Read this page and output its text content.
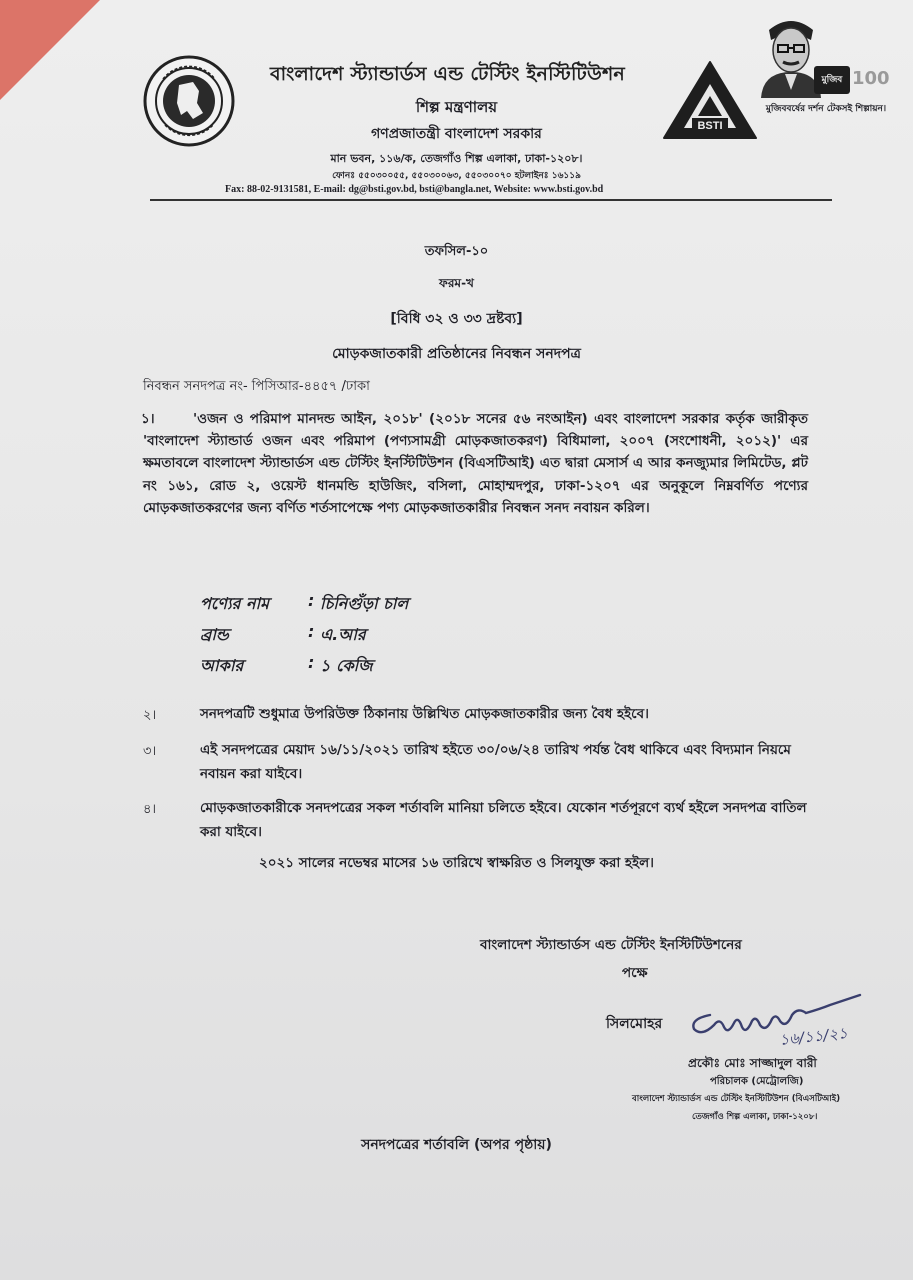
বাংলাদেশ স্ট্যান্ডার্ডস এন্ড টেস্টিং ইনস্টিটিউশন
শিল্প মন্ত্রণালয়
গণপ্রজাতন্ত্রী বাংলাদেশ সরকার
মান ভবন, ১১৬/ক, তেজগাঁও শিল্প এলাকা, ঢাকা-১২০৮।
ফোনঃ ৫৫০৩০০৫৫, ৫৫০৩০০৬৩, ৫৫০৩০০৭০ হটলাইনঃ ১৬১১৯
Fax: 88-02-9131581, E-mail: dg@bsti.gov.bd, bsti@bangla.net, Website: www.bsti.gov.bd
BSTI
মুজিব 100
মুজিববর্ষের দর্শন টেকসই শিল্পায়ন।
তফসিল-১০
ফরম-খ
[বিধি ৩২ ও ৩৩ দ্রষ্টব্য]
মোড়কজাতকারী প্রতিষ্ঠানের নিবন্ধন সনদপত্র
নিবন্ধন সনদপত্র নং- পিসিআর-৪৪৫৭ /ঢাকা
১।	'ওজন ও পরিমাপ মানদন্ড আইন, ২০১৮' (২০১৮ সনের ৫৬ নংআইন) এবং বাংলাদেশ সরকার কর্তৃক জারীকৃত 'বাংলাদেশ স্ট্যান্ডার্ড ওজন এবং পরিমাপ (পণ্যসামগ্রী মোড়কজাতকরণ) বিধিমালা, ২০০৭ (সংশোধনী, ২০১২)' এর ক্ষমতাবলে বাংলাদেশ স্ট্যান্ডার্ডস এন্ড টেস্টিং ইনস্টিটিউশন (বিএসটিআই) এত দ্বারা মেসার্স এ আর কনজ্যুমার লিমিটেড, প্লট নং ১৬১, রোড ২, ওয়েস্ট ধানমন্ডি হাউজিং, বসিলা, মোহাম্মদপুর, ঢাকা-১২০৭ এর অনুকূলে নিম্নবর্ণিত পণ্যের মোড়কজাতকরণের জন্য বর্ণিত শর্তসাপেক্ষে পণ্য মোড়কজাতকারীর নিবন্ধন সনদ নবায়ন করিল।
পণ্যের নাম : চিনিগুঁড়া চাল
ব্রান্ড	: এ.আর
আকার	: ১ কেজি
২।	সনদপত্রটি শুধুমাত্র উপরিউক্ত ঠিকানায় উল্লিখিত মোড়কজাতকারীর জন্য বৈধ হইবে।
৩।	এই সনদপত্রের মেয়াদ ১৬/১১/২০২১ তারিখ হইতে ৩০/০৬/২৪ তারিখ পর্যন্ত বৈধ থাকিবে এবং বিদ্যমান নিয়মে নবায়ন করা যাইবে।
৪।	মোড়কজাতকারীকে সনদপত্রের সকল শর্তাবলি মানিয়া চলিতে হইবে। যেকোন শর্তপূরণে ব্যর্থ হইলে সনদপত্র বাতিল করা যাইবে।
২০২১ সালের নভেম্বর মাসের ১৬ তারিখে স্বাক্ষরিত ও সিলযুক্ত করা হইল।
বাংলাদেশ স্ট্যান্ডার্ডস এন্ড টেস্টিং ইনস্টিটিউশনের
পক্ষে
সিলমোহর	১৬/১১/২১
প্রকৌঃ মোঃ সাজ্জাদুল বারী
পরিচালক (মেট্রোলজি)
বাংলাদেশ স্ট্যান্ডার্ডস এন্ড টেস্টিং ইনস্টিটিউশন (বিএসটিআই)
তেজগাঁও শিল্প এলাকা, ঢাকা-১২০৮।
সনদপত্রের শর্তাবলি (অপর পৃষ্ঠায়)
